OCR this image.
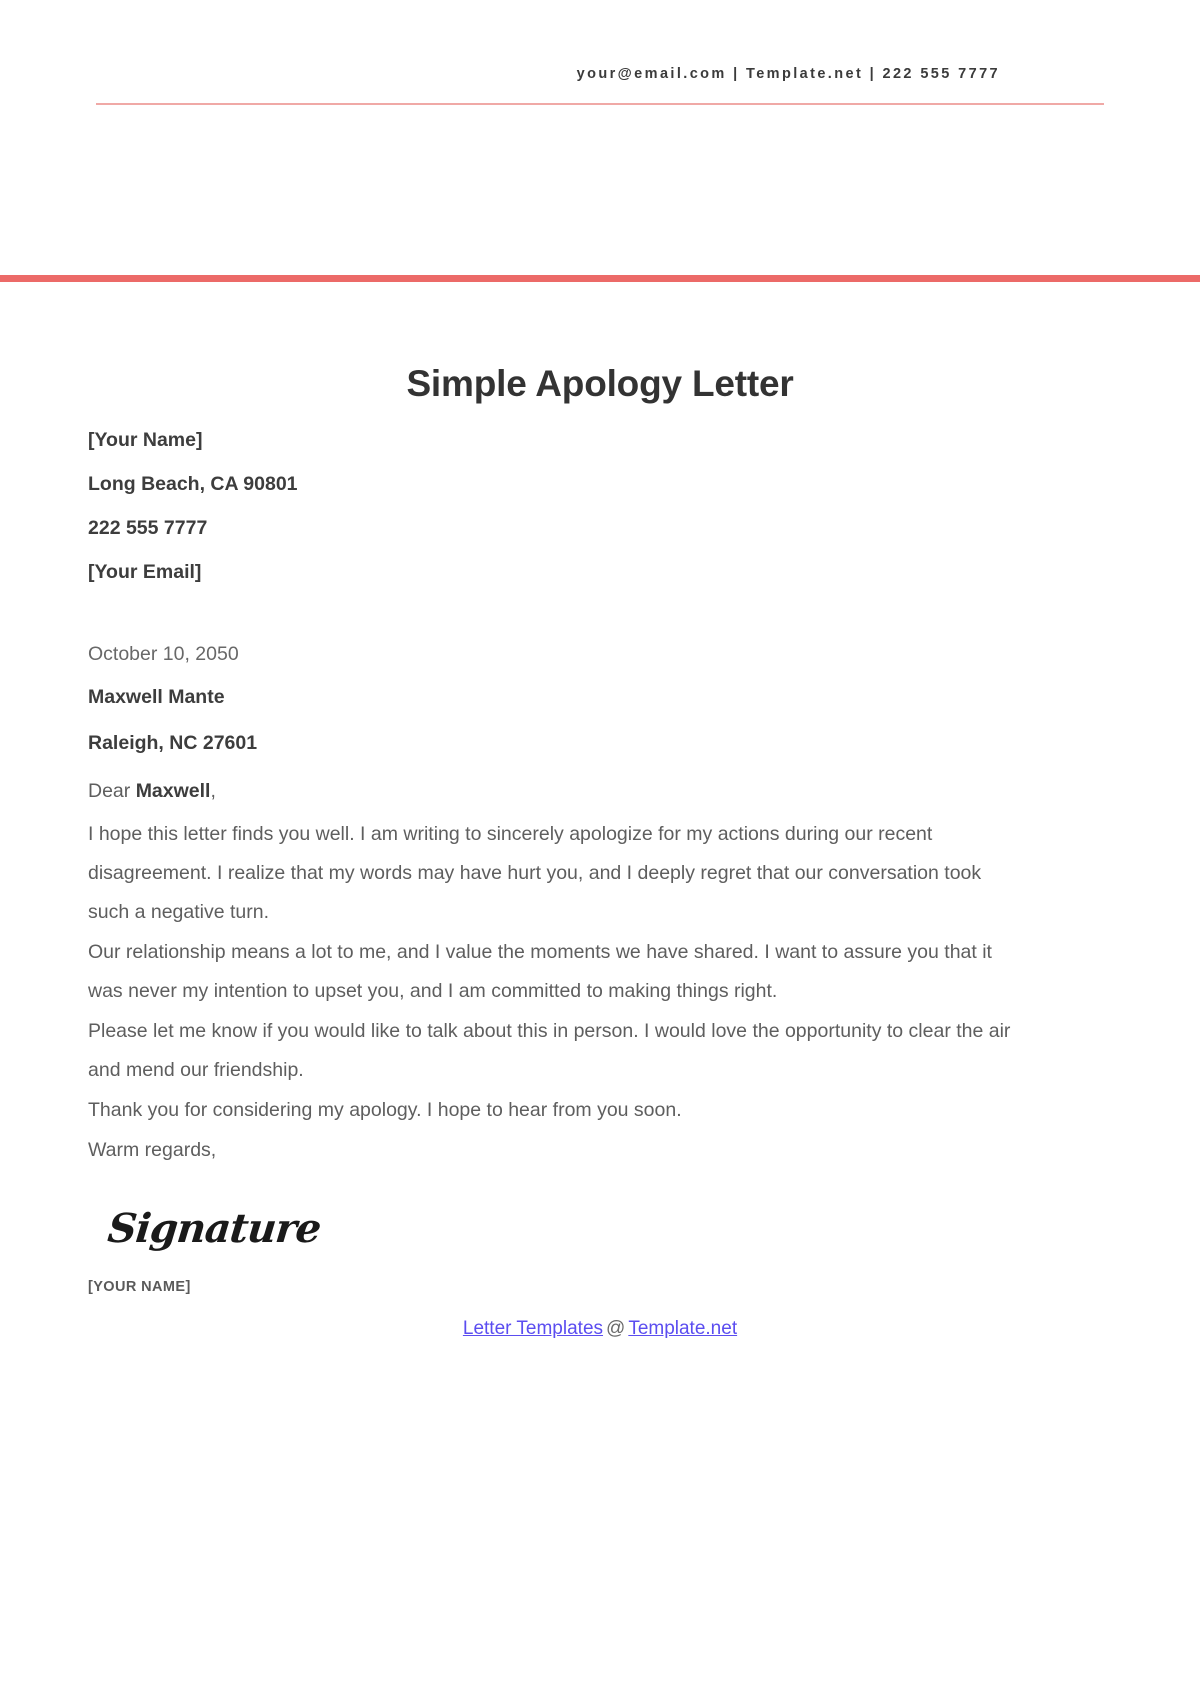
your@email.com | Template.net | 222 555 7777
Simple Apology Letter
[Your Name]
Long Beach, CA 90801
222 555 7777
[Your Email]
October 10, 2050
Maxwell Mante
Raleigh, NC 27601

Dear Maxwell,

I hope this letter finds you well. I am writing to sincerely apologize for my actions during our recent disagreement. I realize that my words may have hurt you, and I deeply regret that our conversation took such a negative turn.

Our relationship means a lot to me, and I value the moments we have shared. I want to assure you that it was never my intention to upset you, and I am committed to making things right.

Please let me know if you would like to talk about this in person. I would love the opportunity to clear the air and mend our friendship.

Thank you for considering my apology. I hope to hear from you soon.

Warm regards,

Signature
[YOUR NAME]
Letter Templates @ Template.net
